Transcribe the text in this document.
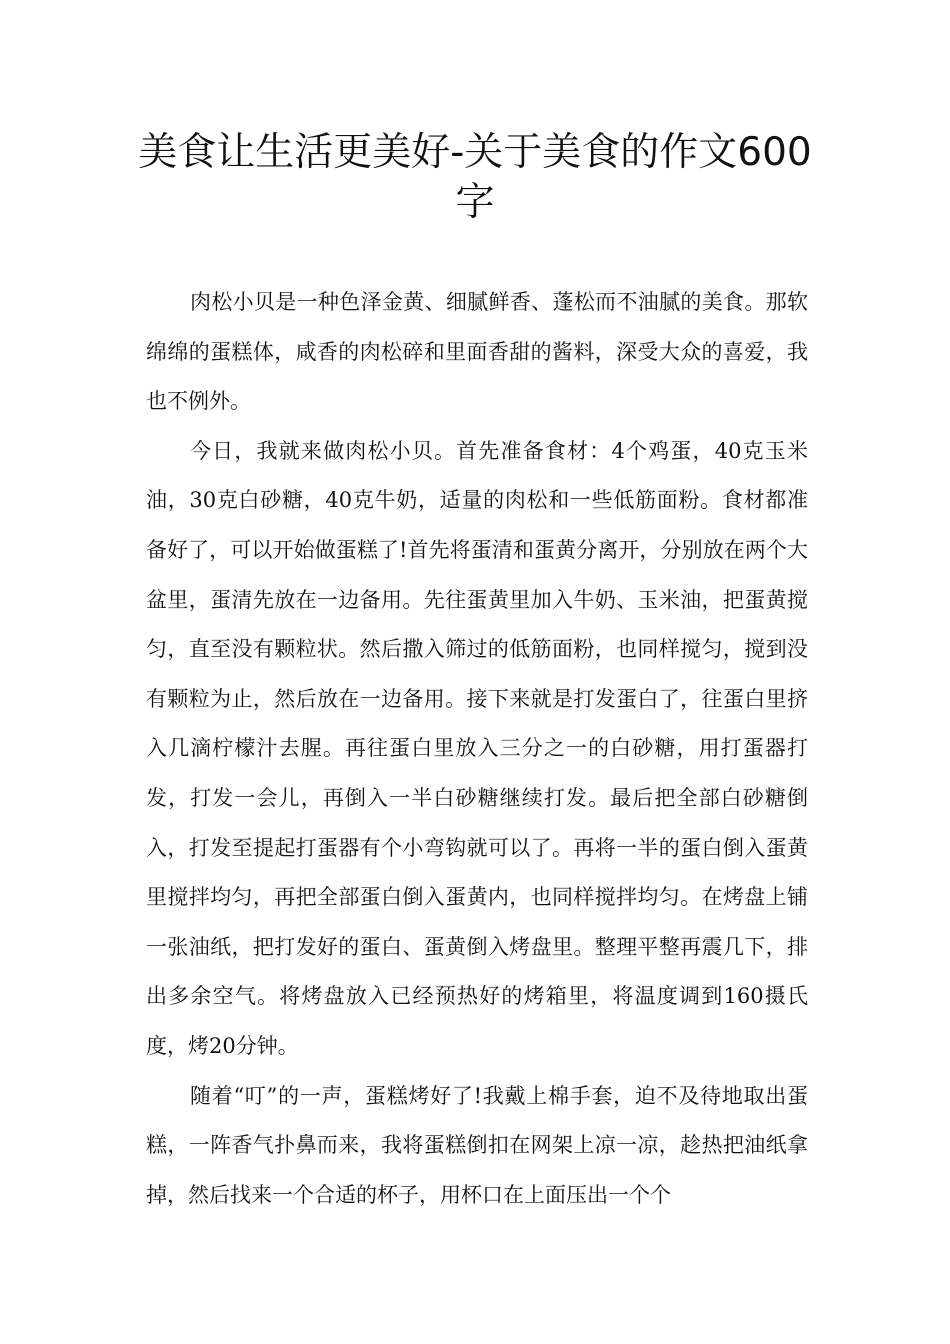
美食让生活更美好-关于美食的作文600字

肉松小贝是一种色泽金黄、细腻鲜香、蓬松而不油腻的美食。那软绵绵的蛋糕体，咸香的肉松碎和里面香甜的酱料，深受大众的喜爱，我也不例外。

今日，我就来做肉松小贝。首先准备食材：4个鸡蛋，40克玉米油，30克白砂糖，40克牛奶，适量的肉松和一些低筋面粉。食材都准备好了，可以开始做蛋糕了!首先将蛋清和蛋黄分离开，分别放在两个大盆里，蛋清先放在一边备用。先往蛋黄里加入牛奶、玉米油，把蛋黄搅匀，直至没有颗粒状。然后撒入筛过的低筋面粉，也同样搅匀，搅到没有颗粒为止，然后放在一边备用。接下来就是打发蛋白了，往蛋白里挤入几滴柠檬汁去腥。再往蛋白里放入三分之一的白砂糖，用打蛋器打发，打发一会儿，再倒入一半白砂糖继续打发。最后把全部白砂糖倒入，打发至提起打蛋器有个小弯钩就可以了。再将一半的蛋白倒入蛋黄里搅拌均匀，再把全部蛋白倒入蛋黄内，也同样搅拌均匀。在烤盘上铺一张油纸，把打发好的蛋白、蛋黄倒入烤盘里。整理平整再震几下，排出多余空气。将烤盘放入已经预热好的烤箱里，将温度调到160摄氏度，烤20分钟。

随着“叮”的一声，蛋糕烤好了!我戴上棉手套，迫不及待地取出蛋糕，一阵香气扑鼻而来，我将蛋糕倒扣在网架上凉一凉，趁热把油纸拿掉，然后找来一个合适的杯子，用杯口在上面压出一个个
